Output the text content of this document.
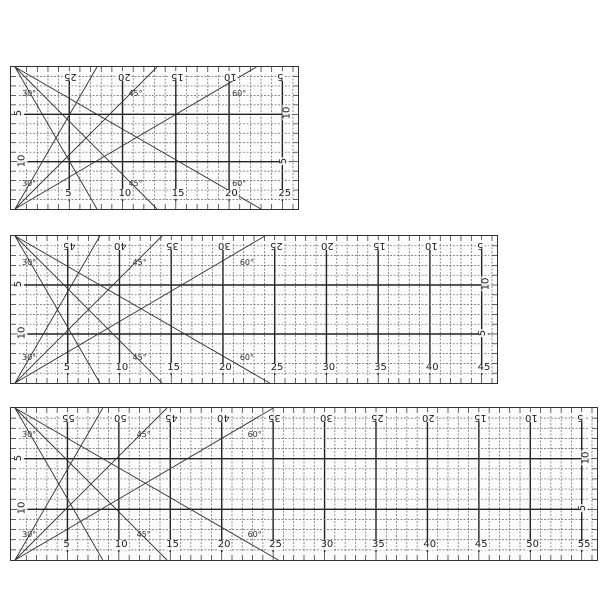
5	10	15	20	25
25	20	15	10	5
5
10
10
5
30°	45°	60°
45°	60°
30°
5	10	15	20	25	30	35	40	45
45	40	35	30	25	20	15	10	5
5
10
10
5
30°	45°	60°
45°	60°
30°
5	10	15	20	25	30	35	40	45	50	55
55	50	45	40	35	30	25	20	15	10	5
5
10
10
5
30°	45°	60°
45°	60°
30°
